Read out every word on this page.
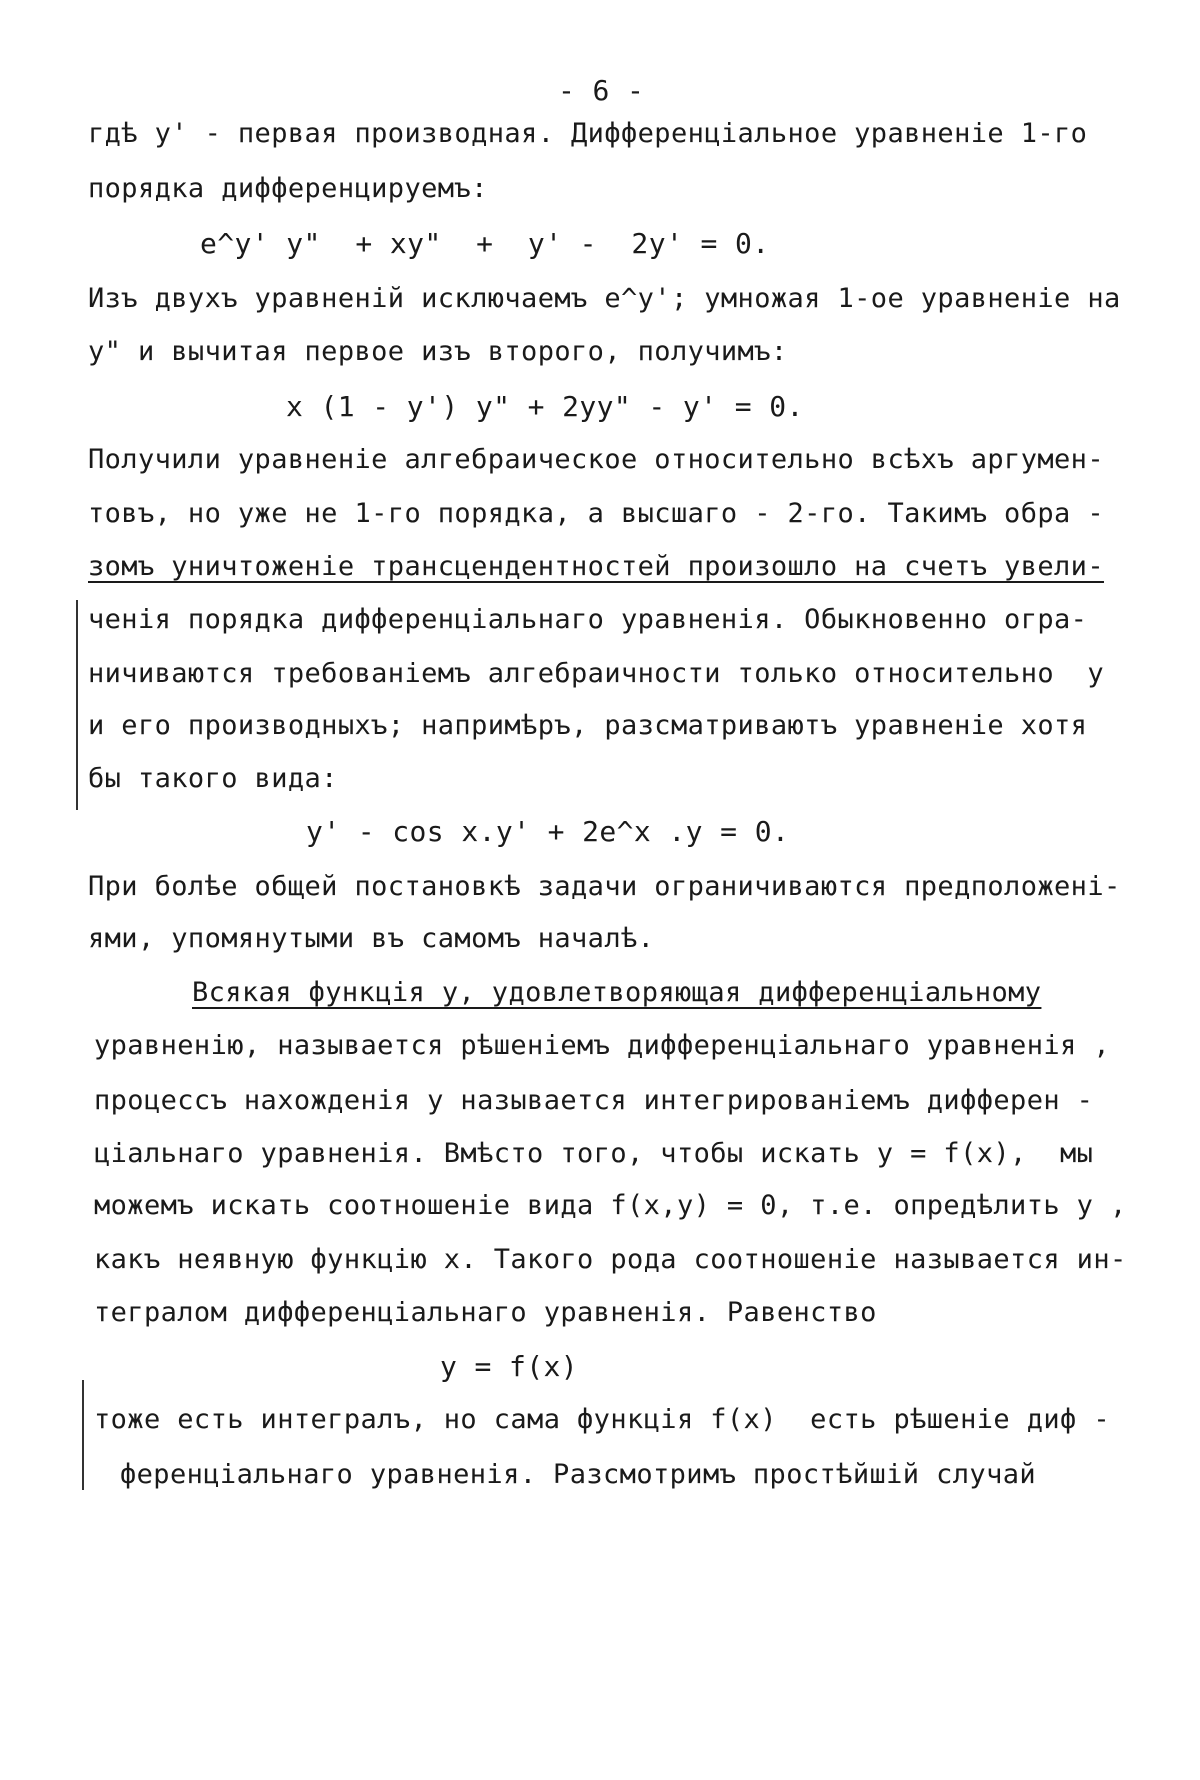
- 6 -
гдѣ y' - первая производная. Дифференціальное уравненіе 1-го
порядка дифференцируемъ:
e^y' y"  + xy"  +  y' -  2y' = 0.
Изъ двухъ уравненій исключаемъ e^y'; умножая 1-ое уравненіе на
y" и вычитая первое изъ второго, получимъ:
x (1 - y') y" + 2yy" - y' = 0.
Получили уравненіе алгебраическое относительно всѣхъ аргумен-
товъ, но уже не 1-го порядка, а высшаго - 2-го. Такимъ обра -
зомъ уничтоженіе трансцендентностей произошло на счетъ увели-
ченія порядка дифференціальнаго уравненія. Обыкновенно огра-
ничиваются требованіемъ алгебраичности только относительно  y
и его производныхъ; напримѣръ, разсматриваютъ уравненіе хотя
бы такого вида:
y' - cos x.y' + 2e^x .y = 0.
При болѣе общей постановкѣ задачи ограничиваются предположені-
ями, упомянутыми въ самомъ началѣ.
Всякая функція y, удовлетворяющая дифференціальному
уравненію, называется рѣшеніемъ дифференціальнаго уравненія ,
процессъ нахожденія y называется интегрированіемъ дифферен -
ціальнаго уравненія. Вмѣсто того, чтобы искать y = f(x),  мы
можемъ искать соотношеніе вида f(x,y) = 0, т.е. опредѣлить y ,
какъ неявную функцію x. Такого рода соотношеніе называется ин-
тегралом дифференціальнаго уравненія. Равенство
y = f(x)
тоже есть интегралъ, но сама функція f(x)  есть рѣшеніе диф -
ференціальнаго уравненія. Разсмотримъ простѣйшій случай
